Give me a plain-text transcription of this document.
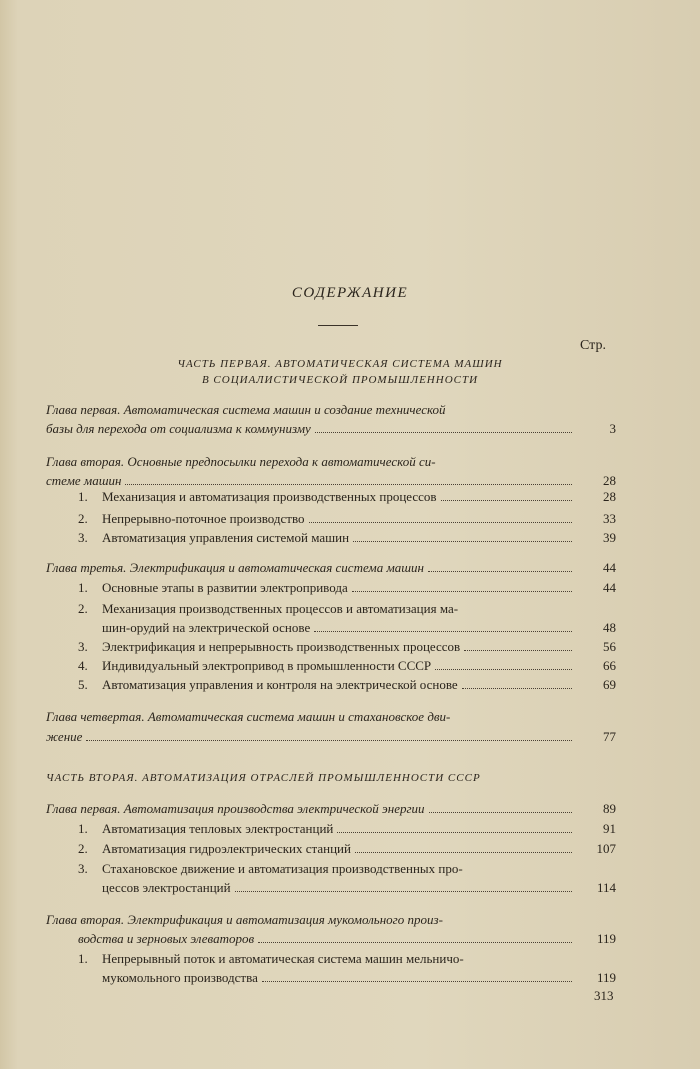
СОДЕРЖАНИЕ
Стр.
ЧАСТЬ ПЕРВАЯ. АВТОМАТИЧЕСКАЯ СИСТЕМА МАШИН
В СОЦИАЛИСТИЧЕСКОЙ ПРОМЫШЛЕННОСТИ
Глава первая. Автоматическая система машин и создание технической
базы для перехода от социализма к коммунизму	3
Глава вторая. Основные предпосылки перехода к автоматической си-
стеме машин	28
1.	Механизация и автоматизация производственных процессов	28
2.	Непрерывно-поточное производство	33
3.	Автоматизация управления системой машин	39
Глава третья. Электрификация и автоматическая система машин	44
1.	Основные этапы в развитии электропривода	44
2.	Механизация производственных процессов и автоматизация ма-
шин-орудий на электрической основе	48
3.	Электрификация и непрерывность производственных процессов	56
4.	Индивидуальный электропривод в промышленности СССР	66
5.	Автоматизация управления и контроля на электрической основе	69
Глава четвертая. Автоматическая система машин и стахановское дви-
жение	77
ЧАСТЬ ВТОРАЯ. АВТОМАТИЗАЦИЯ ОТРАСЛЕЙ ПРОМЫШЛЕННОСТИ СССР
Глава первая. Автоматизация производства электрической энергии	89
1.	Автоматизация тепловых электростанций	91
2.	Автоматизация гидроэлектрических станций	107
3.	Стахановское движение и автоматизация производственных про-
цессов электростанций	114
Глава вторая. Электрификация и автоматизация мукомольного произ-
водства и зерновых элеваторов	119
1.	Непрерывный поток и автоматическая система машин мельничо-
мукомольного производства	119
313
